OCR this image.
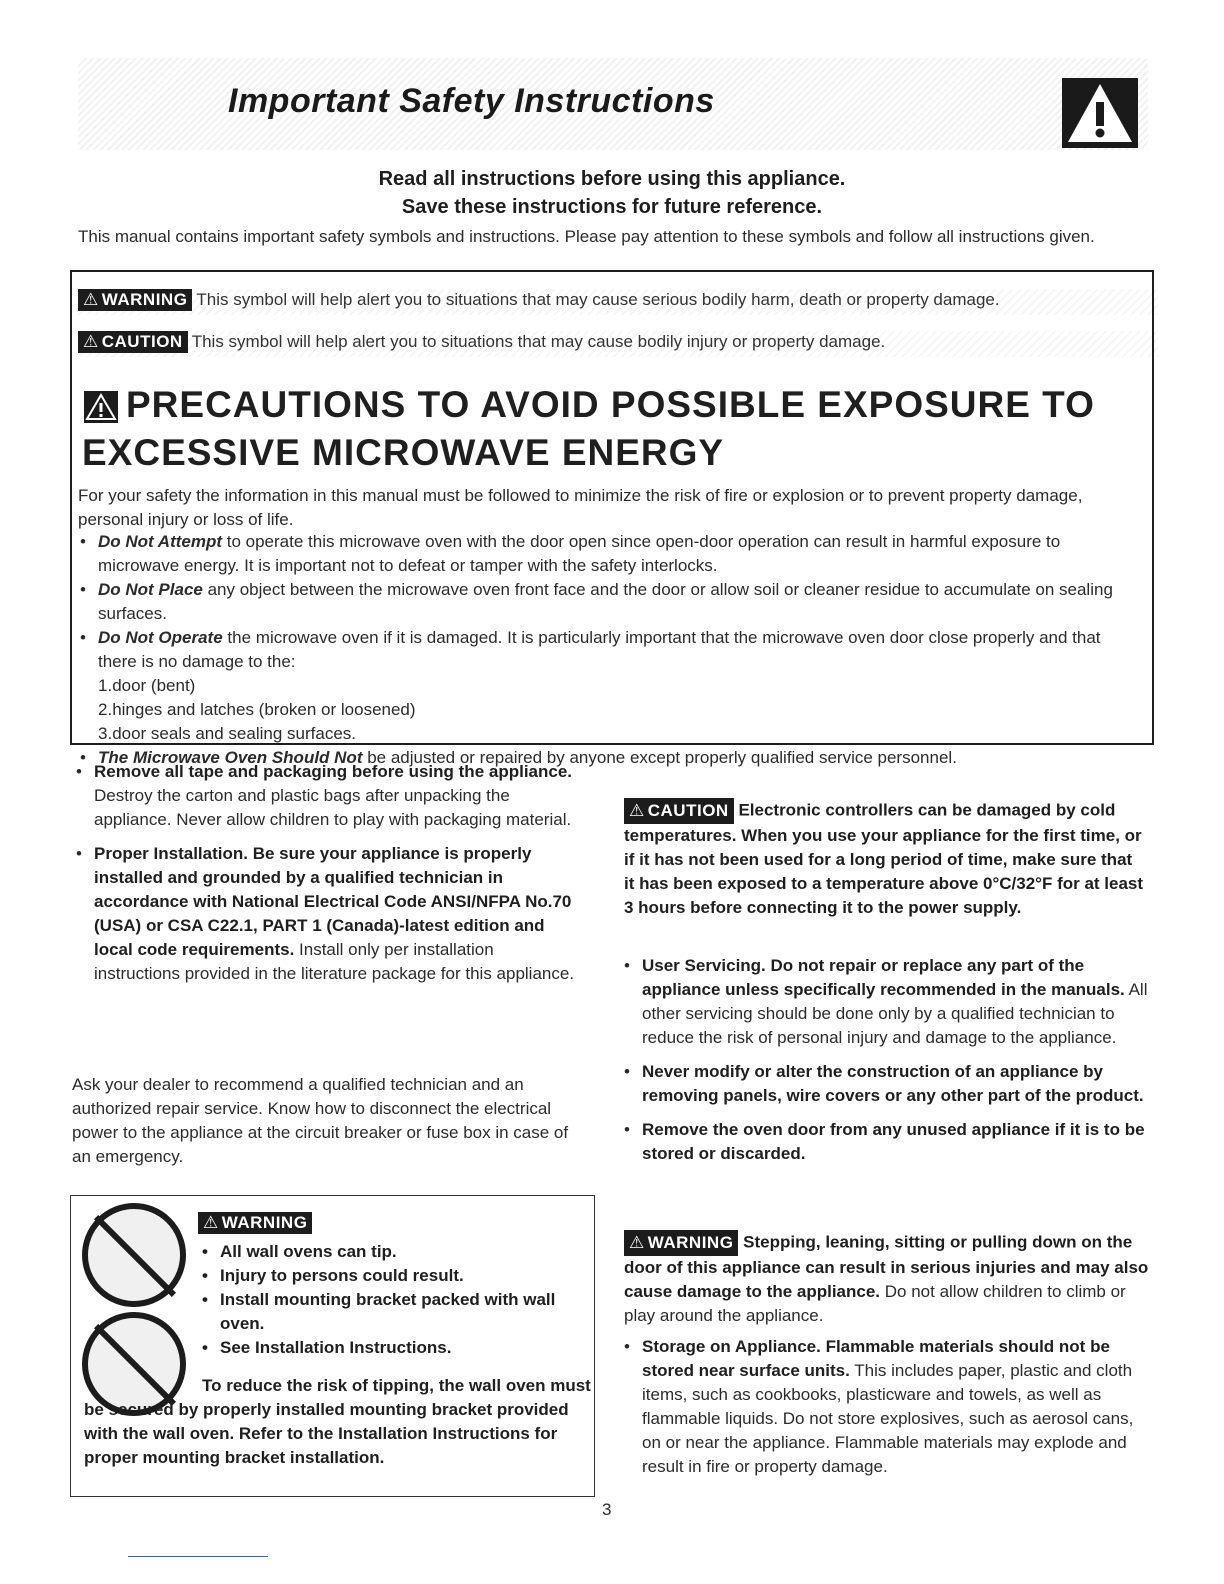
Important Safety Instructions
Read all instructions before using this appliance.
Save these instructions for future reference.
This manual contains important safety symbols and instructions. Please pay attention to these symbols and follow all instructions given.
⚠ WARNING This symbol will help alert you to situations that may cause serious bodily harm, death or property damage.
⚠ CAUTION This symbol will help alert you to situations that may cause bodily injury or property damage.
PRECAUTIONS TO AVOID POSSIBLE EXPOSURE TO
EXCESSIVE MICROWAVE ENERGY
For your safety the information in this manual must be followed to minimize the risk of fire or explosion or to prevent property damage, personal injury or loss of life.
• Do Not Attempt to operate this microwave oven with the door open since open-door operation can result in harmful exposure to microwave energy. It is important not to defeat or tamper with the safety interlocks.
• Do Not Place any object between the microwave oven front face and the door or allow soil or cleaner residue to accumulate on sealing surfaces.
• Do Not Operate the microwave oven if it is damaged. It is particularly important that the microwave oven door close properly and that there is no damage to the:
1.door (bent)
2.hinges and latches (broken or loosened)
3.door seals and sealing surfaces.
• The Microwave Oven Should Not be adjusted or repaired by anyone except properly qualified service personnel.
• Remove all tape and packaging before using the appliance. Destroy the carton and plastic bags after unpacking the appliance. Never allow children to play with packaging material.
• Proper Installation. Be sure your appliance is properly installed and grounded by a qualified technician in accordance with National Electrical Code ANSI/NFPA No.70 (USA) or CSA C22.1, PART 1 (Canada)-latest edition and local code requirements. Install only per installation instructions provided in the literature package for this appliance.
Ask your dealer to recommend a qualified technician and an authorized repair service. Know how to disconnect the electrical power to the appliance at the circuit breaker or fuse box in case of an emergency.
⚠ WARNING
• All wall ovens can tip.
• Injury to persons could result.
• Install mounting bracket packed with wall oven.
• See Installation Instructions.
To reduce the risk of tipping, the wall oven must be secured by properly installed mounting bracket provided with the wall oven. Refer to the Installation Instructions for proper mounting bracket installation.
⚠ CAUTION Electronic controllers can be damaged by cold temperatures. When you use your appliance for the first time, or if it has not been used for a long period of time, make sure that it has been exposed to a temperature above 0°C/32°F for at least 3 hours before connecting it to the power supply.
• User Servicing. Do not repair or replace any part of the appliance unless specifically recommended in the manuals. All other servicing should be done only by a qualified technician to reduce the risk of personal injury and damage to the appliance.
• Never modify or alter the construction of an appliance by removing panels, wire covers or any other part of the product.
• Remove the oven door from any unused appliance if it is to be stored or discarded.
⚠ WARNING Stepping, leaning, sitting or pulling down on the door of this appliance can result in serious injuries and may also cause damage to the appliance. Do not allow children to climb or play around the appliance.
• Storage on Appliance. Flammable materials should not be stored near surface units. This includes paper, plastic and cloth items, such as cookbooks, plasticware and towels, as well as flammable liquids. Do not store explosives, such as aerosol cans, on or near the appliance. Flammable materials may explode and result in fire or property damage.
3
